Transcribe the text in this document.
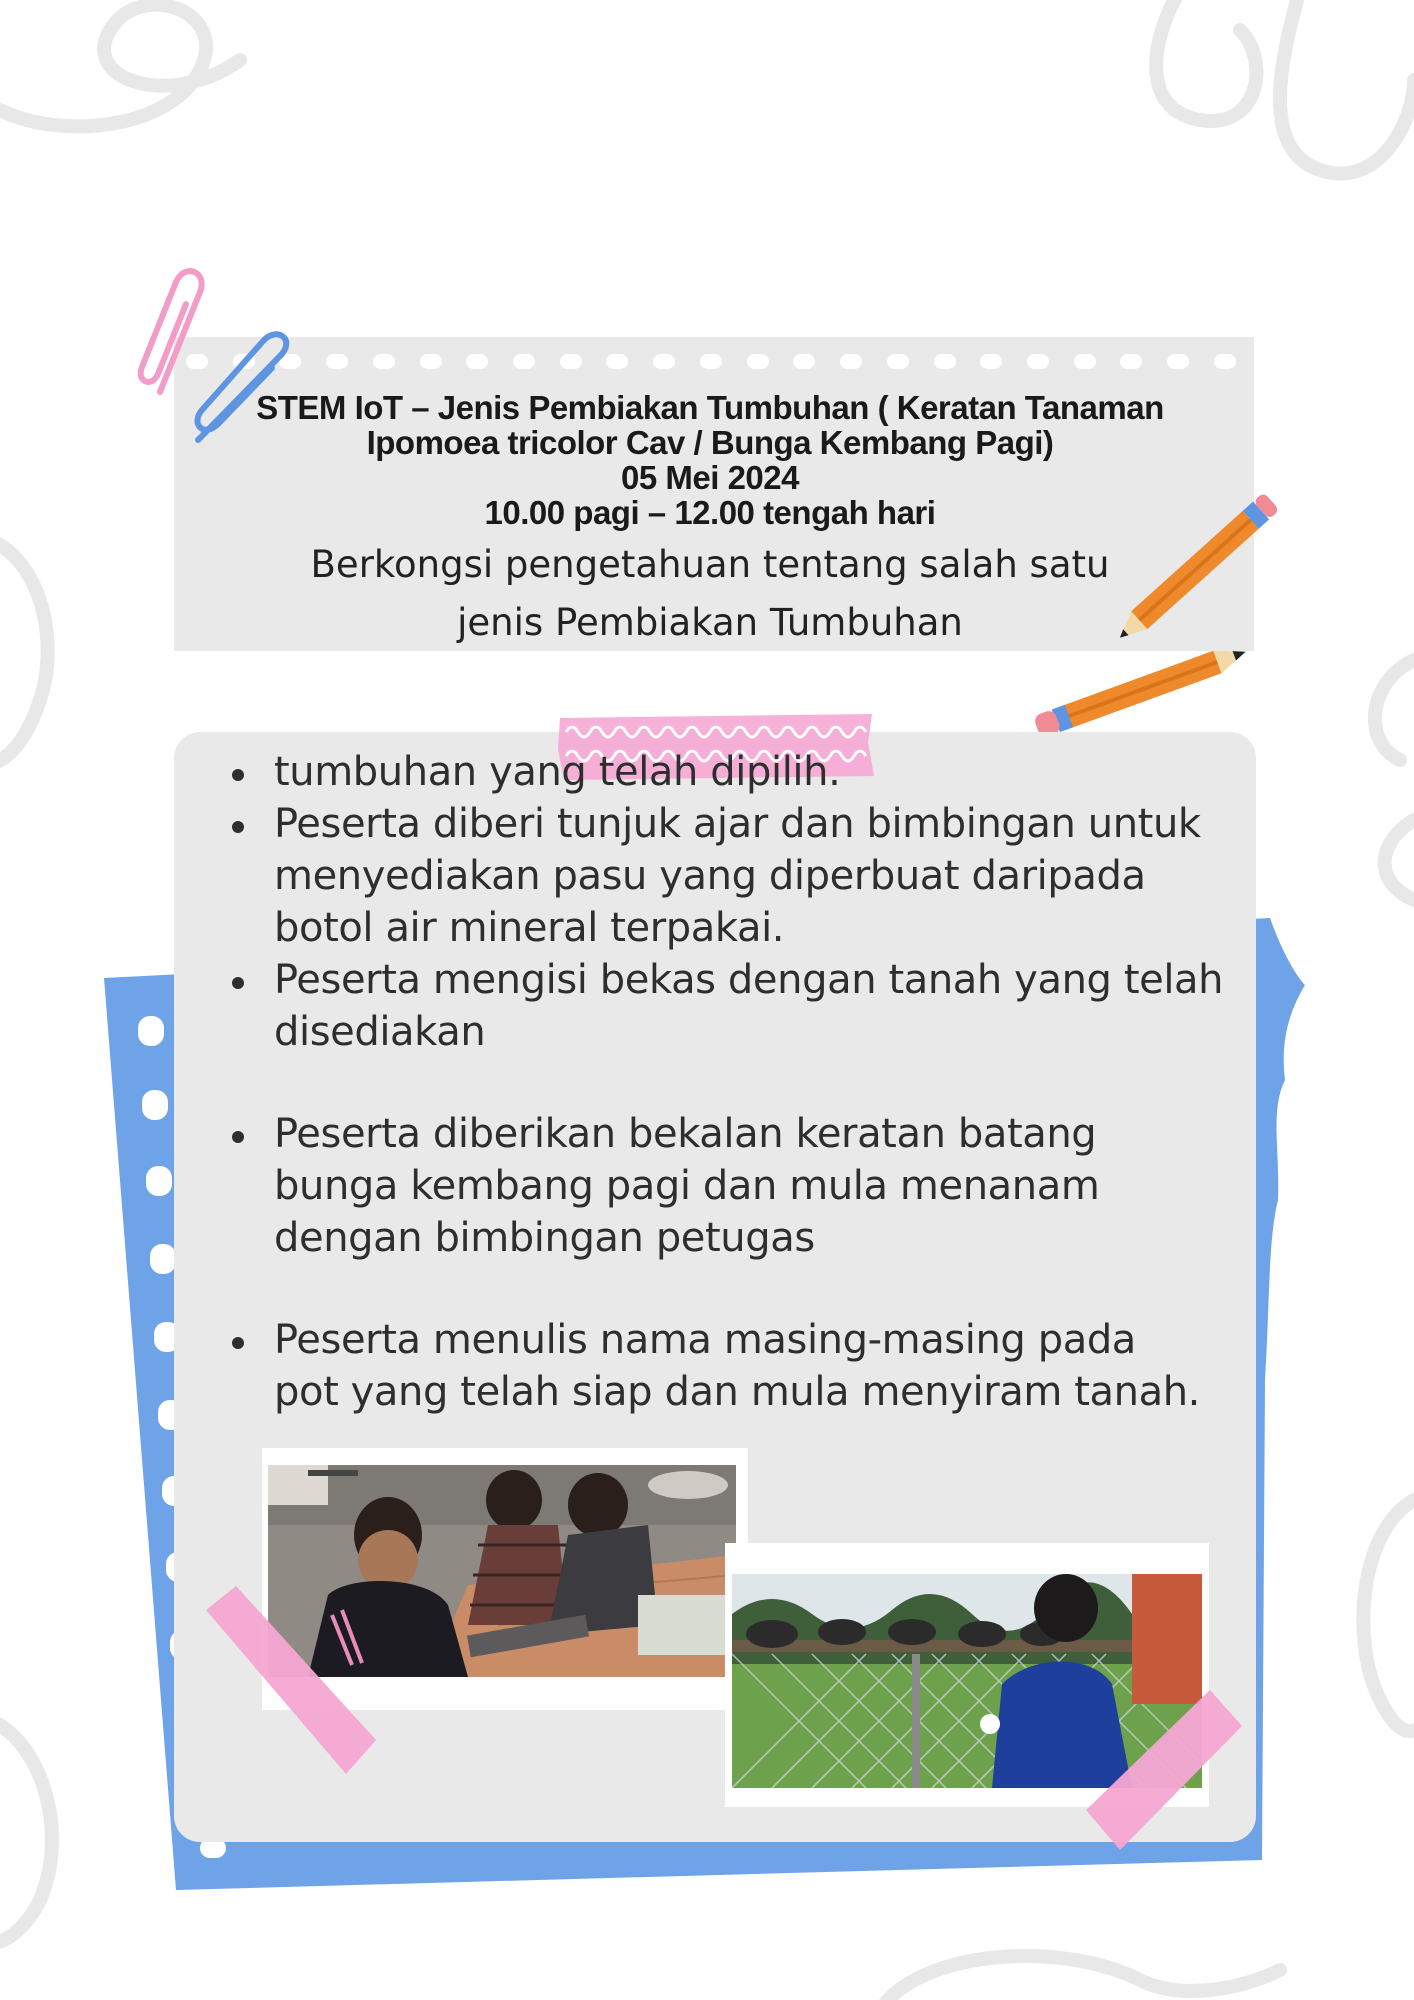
STEM IoT – Jenis Pembiakan Tumbuhan ( Keratan Tanaman

Ipomoea tricolor Cav / Bunga Kembang Pagi)

05 Mei 2024

10.00 pagi – 12.00 tengah hari

Berkongsi pengetahuan tentang salah satu
jenis Pembiakan Tumbuhan

tumbuhan yang telah dipilih.
Peserta diberi tunjuk ajar dan bimbingan untuk
menyediakan pasu yang diperbuat daripada
botol air mineral terpakai.
Peserta mengisi bekas dengan tanah yang telah
disediakan
Peserta diberikan bekalan keratan batang
bunga kembang pagi dan mula menanam
dengan bimbingan petugas
Peserta menulis nama masing-masing pada
pot yang telah siap dan mula menyiram tanah.
